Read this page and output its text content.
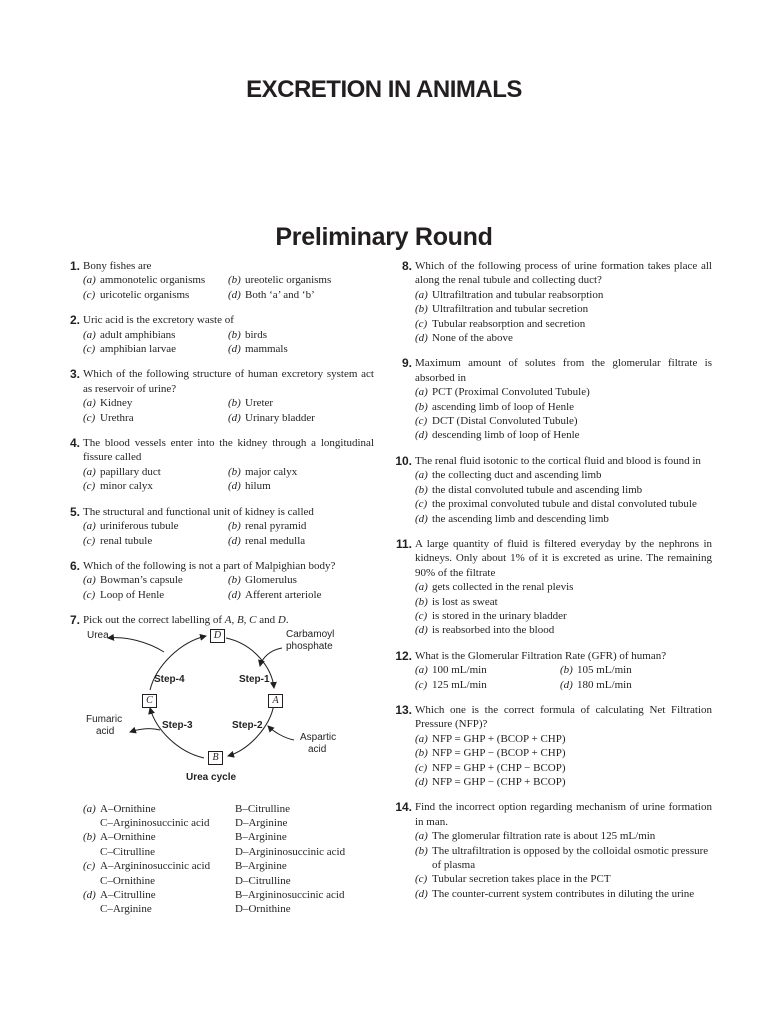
EXCRETION IN ANIMALS
Preliminary Round
1. Bony fishes are
(a) ammonotelic organisms	(b) ureotelic organisms
(c) uricotelic organisms	(d) Both ‘a’ and ‘b’
2. Uric acid is the excretory waste of
(a) adult amphibians	(b) birds
(c) amphibian larvae	(d) mammals
3. Which of the following structure of human excretory system act as reservoir of urine?
(a) Kidney	(b) Ureter
(c) Urethra	(d) Urinary bladder
4. The blood vessels enter into the kidney through a longitudinal fissure called
(a) papillary duct	(b) major calyx
(c) minor calyx	(d) hilum
5. The structural and functional unit of kidney is called
(a) uriniferous tubule	(b) renal pyramid
(c) renal tubule	(d) renal medulla
6. Which of the following is not a part of Malpighian body?
(a) Bowman’s capsule	(b) Glomerulus
(c) Loop of Henle	(d) Afferent arteriole
7. Pick out the correct labelling of A, B, C and D.
Urea	D	Carbamoyl
phosphate
Step-4	Step-1
C	A
Fumaric
acid
Step-3	Step-2
Aspartic
acid
B
Urea cycle
(a) A–Ornithine	B–Citrulline
C–Argininosuccinic acid	D–Arginine
(b) A–Ornithine	B–Arginine
C–Citrulline	D–Argininosuccinic acid
(c) A–Argininosuccinic acid	B–Arginine
C–Ornithine	D–Citrulline
(d) A–Citrulline	B–Argininosuccinic acid
C–Arginine	D–Ornithine
8. Which of the following process of urine formation takes place all along the renal tubule and collecting duct?
(a) Ultrafiltration and tubular reabsorption
(b) Ultrafiltration and tubular secretion
(c) Tubular reabsorption and secretion
(d) None of the above
9. Maximum amount of solutes from the glomerular filtrate is absorbed in
(a) PCT (Proximal Convoluted Tubule)
(b) ascending limb of loop of Henle
(c) DCT (Distal Convoluted Tubule)
(d) descending limb of loop of Henle
10. The renal fluid isotonic to the cortical fluid and blood is found in
(a) the collecting duct and ascending limb
(b) the distal convoluted tubule and ascending limb
(c) the proximal convoluted tubule and distal convoluted tubule
(d) the ascending limb and descending limb
11. A large quantity of fluid is filtered everyday by the nephrons in kidneys. Only about 1% of it is excreted as urine. The remaining 90% of the filtrate
(a) gets collected in the renal plevis
(b) is lost as sweat
(c) is stored in the urinary bladder
(d) is reabsorbed into the blood
12. What is the Glomerular Filtration Rate (GFR) of human?
(a) 100 mL/min	(b) 105 mL/min
(c) 125 mL/min	(d) 180 mL/min
13. Which one is the correct formula of calculating Net Filtration Pressure (NFP)?
(a) NFP = GHP + (BCOP + CHP)
(b) NFP = GHP − (BCOP + CHP)
(c) NFP = GHP + (CHP − BCOP)
(d) NFP = GHP − (CHP + BCOP)
14. Find the incorrect option regarding mechanism of urine formation in man.
(a) The glomerular filtration rate is about 125 mL/min
(b) The ultrafiltration is opposed by the colloidal osmotic pressure of plasma
(c) Tubular secretion takes place in the PCT
(d) The counter-current system contributes in diluting the urine
